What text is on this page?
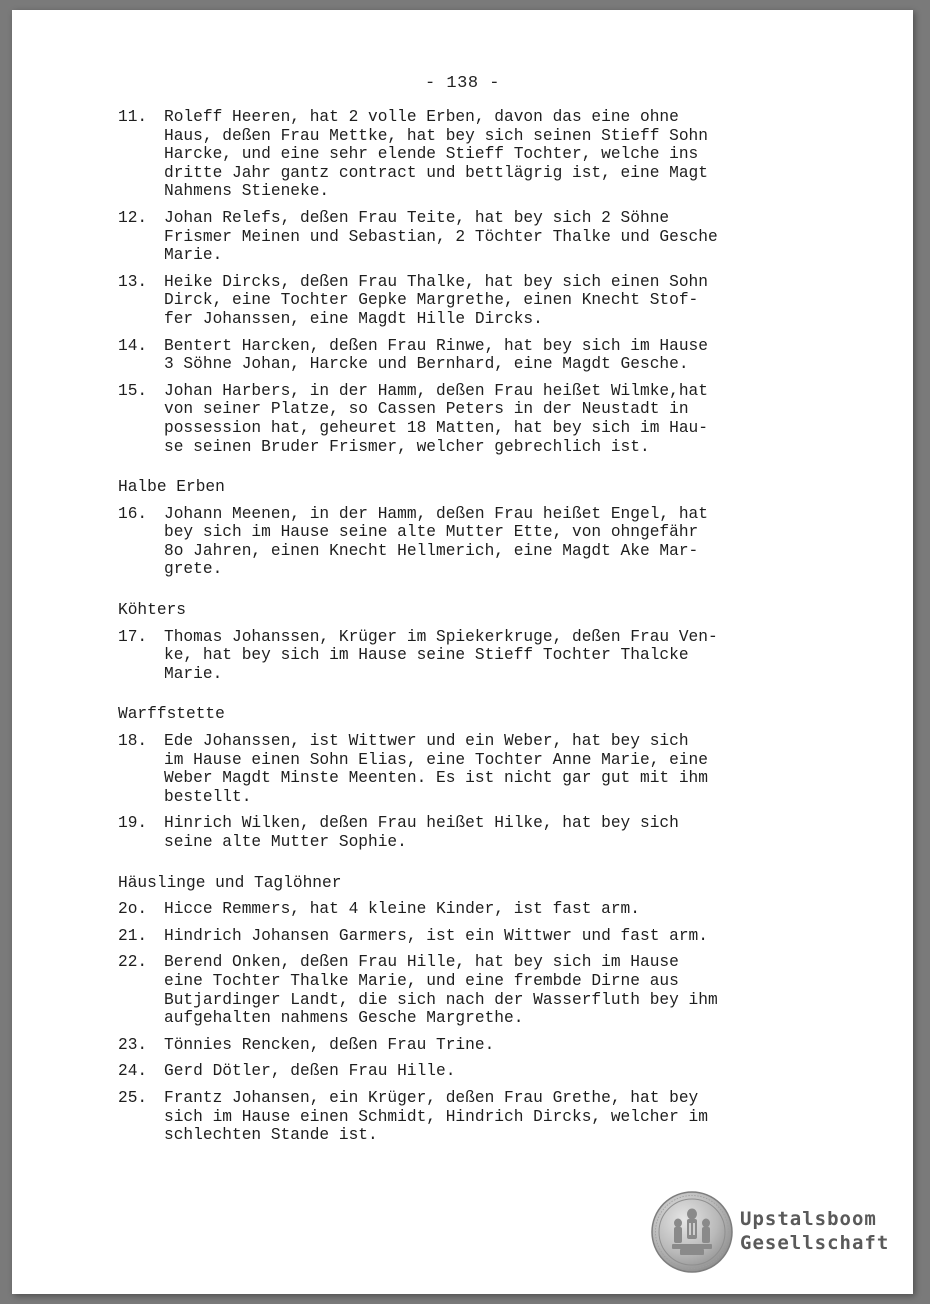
- 138 -
11.	Roleff Heeren, hat 2 volle Erben, davon das eine ohne
Haus, deßen Frau Mettke, hat bey sich seinen Stieff Sohn
Harcke, und eine sehr elende Stieff Tochter, welche ins
dritte Jahr gantz contract und bettlägrig ist, eine Magt
Nahmens Stieneke.
12.	Johan Relefs, deßen Frau Teite, hat bey sich 2 Söhne
Frismer Meinen und Sebastian, 2 Töchter Thalke und Gesche
Marie.
13.	Heike Dircks, deßen Frau Thalke, hat bey sich einen Sohn
Dirck, eine Tochter Gepke Margrethe, einen Knecht Stof-
fer Johanssen, eine Magdt Hille Dircks.
14.	Bentert Harcken, deßen Frau Rinwe, hat bey sich im Hause
3 Söhne Johan, Harcke und Bernhard, eine Magdt Gesche.
15.	Johan Harbers, in der Hamm, deßen Frau heißet Wilmke,hat
von seiner Platze, so Cassen Peters in der Neustadt in
possession hat, geheuret 18 Matten, hat bey sich im Hau-
se seinen Bruder Frismer, welcher gebrechlich ist.
Halbe Erben
16.	Johann Meenen, in der Hamm, deßen Frau heißet Engel, hat
bey sich im Hause seine alte Mutter Ette, von ohngefähr
8o Jahren, einen Knecht Hellmerich, eine Magdt Ake Mar-
grete.
Köhters
17.	Thomas Johanssen, Krüger im Spiekerkruge, deßen Frau Ven-
ke, hat bey sich im Hause seine Stieff Tochter Thalcke
Marie.
Warffstette
18.	Ede Johanssen, ist Wittwer und ein Weber, hat bey sich
im Hause einen Sohn Elias, eine Tochter Anne Marie, eine
Weber Magdt Minste Meenten. Es ist nicht gar gut mit ihm
bestellt.
19.	Hinrich Wilken, deßen Frau heißet Hilke, hat bey sich
seine alte Mutter Sophie.
Häuslinge und Taglöhner
2o.	Hicce Remmers, hat 4 kleine Kinder, ist fast arm.
21.	Hindrich Johansen Garmers, ist ein Wittwer und fast arm.
22.	Berend Onken, deßen Frau Hille, hat bey sich im Hause
eine Tochter Thalke Marie, und eine frembde Dirne aus
Butjardinger Landt, die sich nach der Wasserfluth bey ihm
aufgehalten nahmens Gesche Margrethe.
23.	Tönnies Rencken, deßen Frau Trine.
24.	Gerd Dötler, deßen Frau Hille.
25.	Frantz Johansen, ein Krüger, deßen Frau Grethe, hat bey
sich im Hause einen Schmidt, Hindrich Dircks, welcher im
schlechten Stande ist.
Upstalsboom
Gesellschaft
